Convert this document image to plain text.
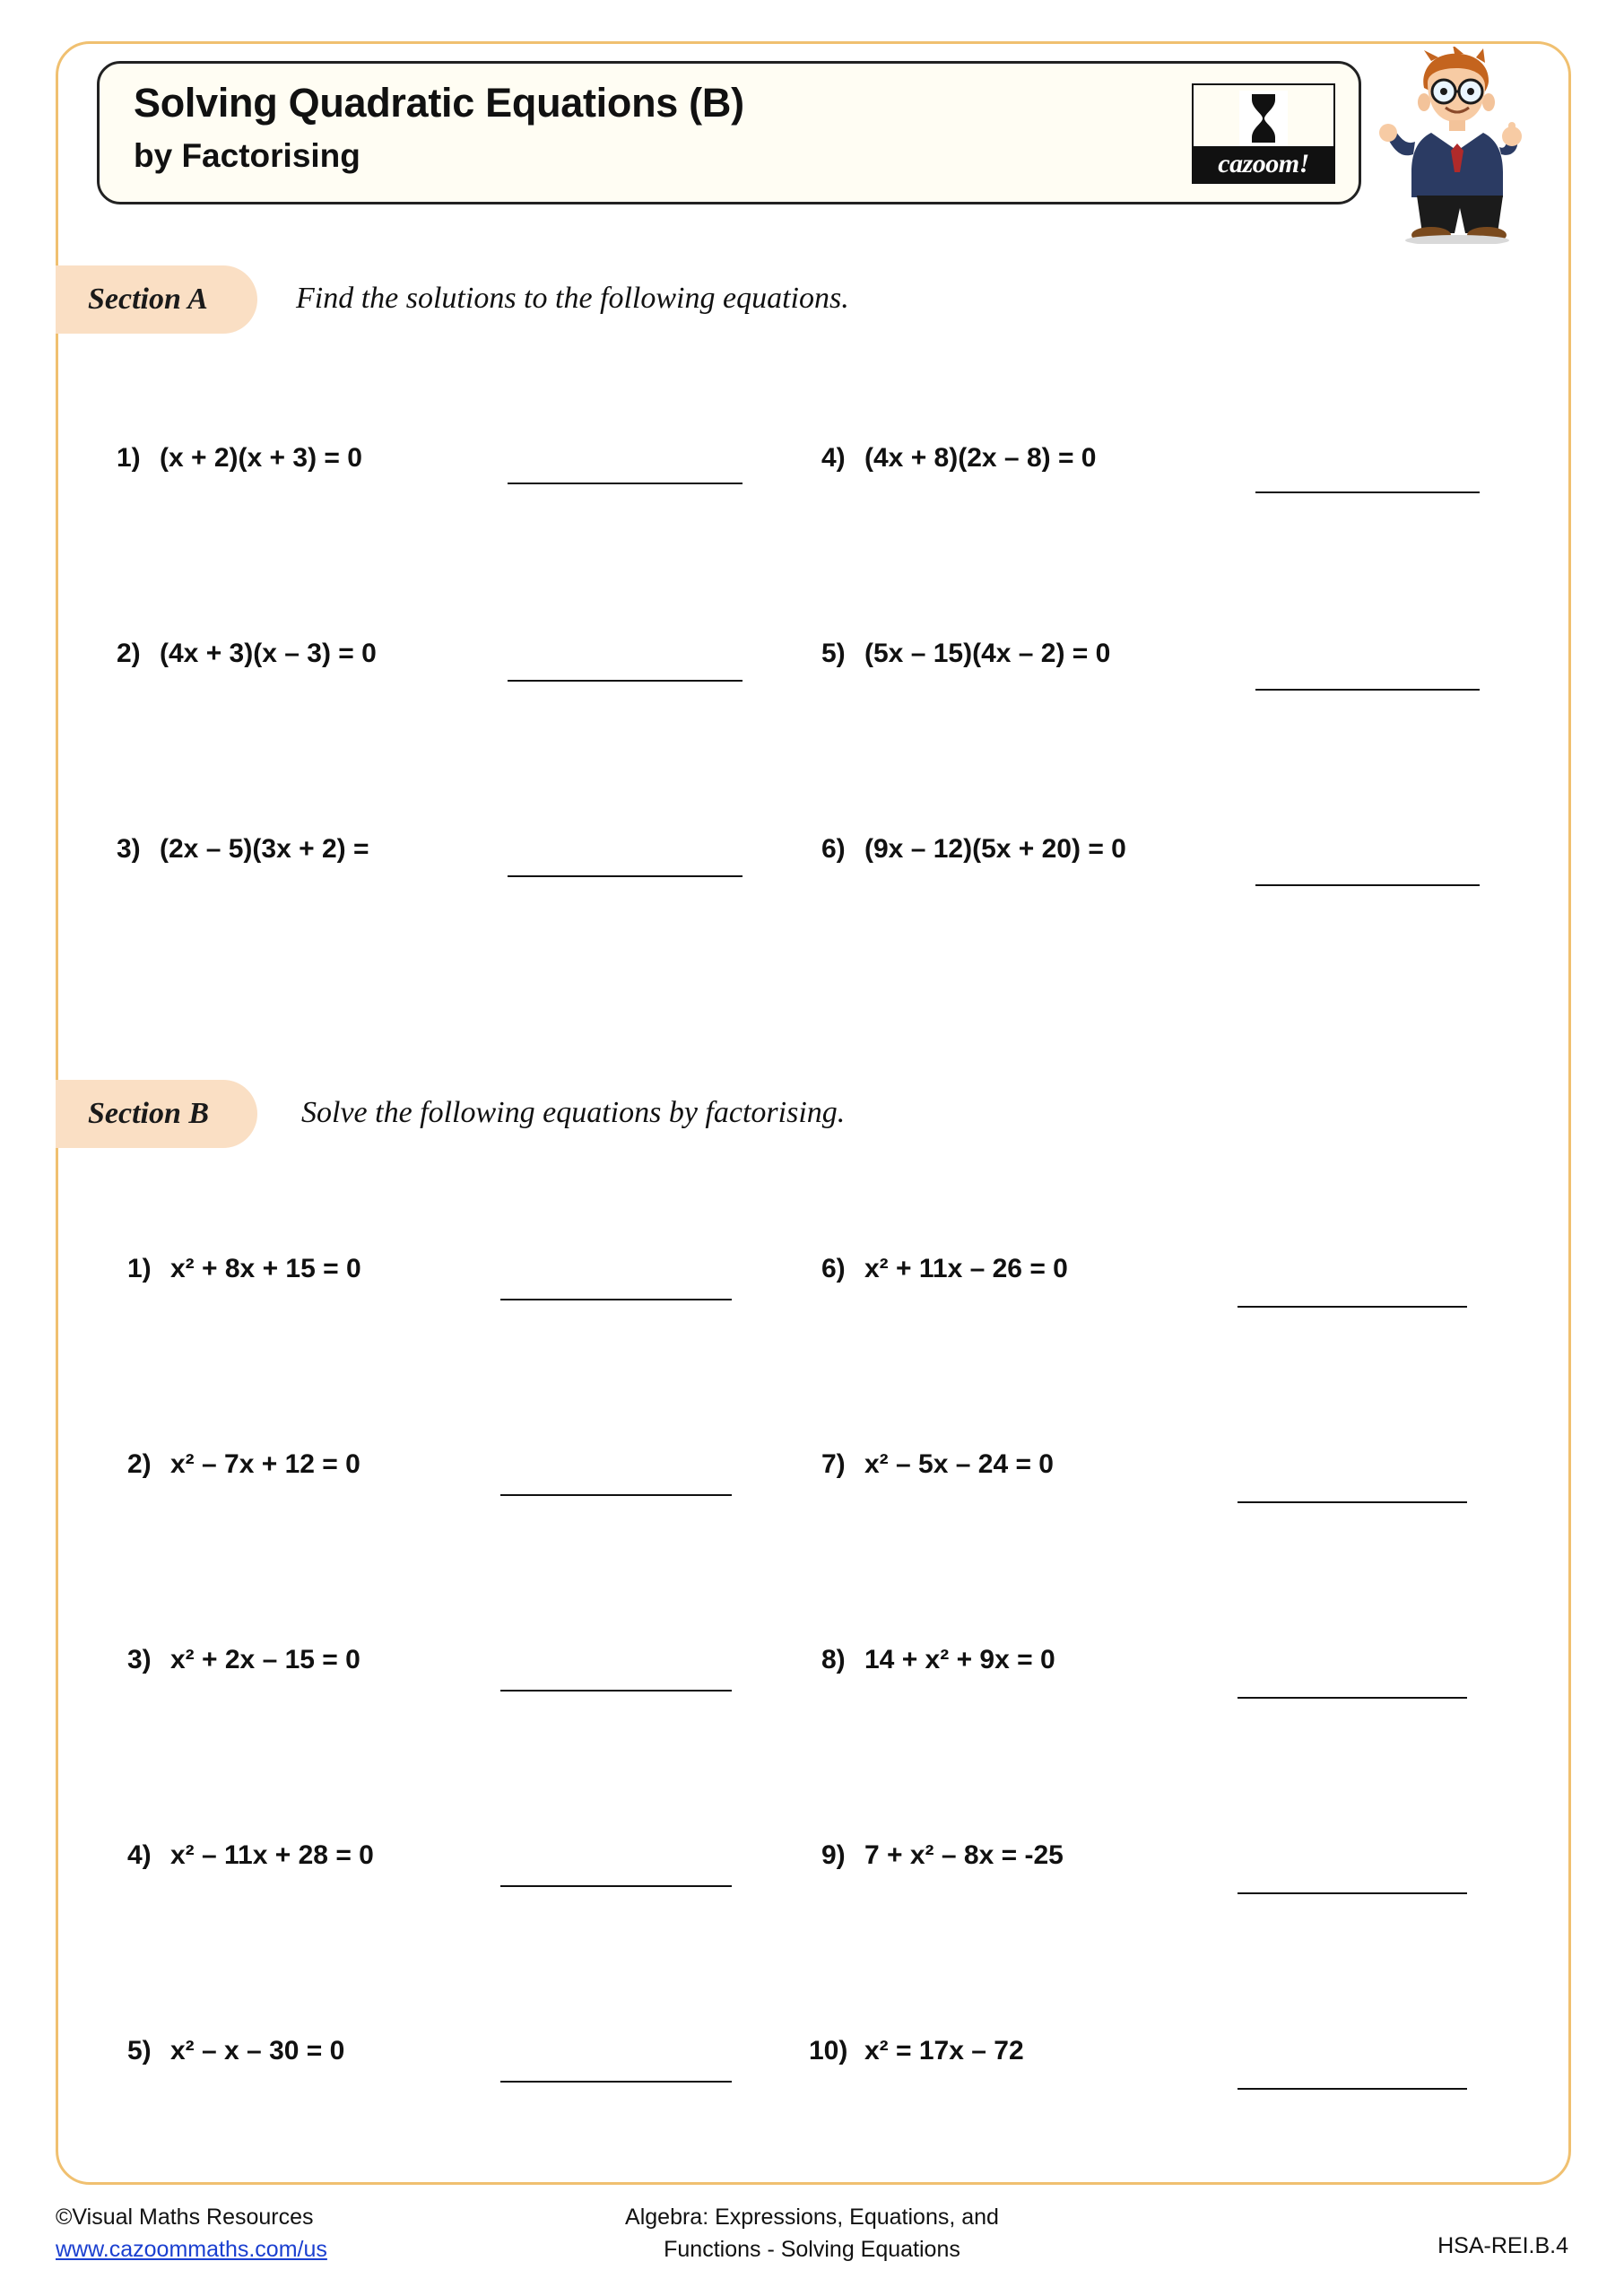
Solving Quadratic Equations (B)
by Factorising	cazoom!
Section A	Find the solutions to the following equations.
1) (x + 2)(x + 3) = 0
2) (4x + 3)(x – 3) = 0
3) (2x – 5)(3x + 2) =
4) (4x + 8)(2x – 8) = 0
5) (5x – 15)(4x – 2) = 0
6) (9x – 12)(5x + 20) = 0
Section B	Solve the following equations by factorising.
1) x² + 8x + 15 = 0
2) x² – 7x + 12 = 0
3) x² + 2x – 15 = 0
4) x² – 11x + 28 = 0
5) x² – x – 30 = 0
6) x² + 11x – 26 = 0
7) x² – 5x – 24 = 0
8) 14 + x² + 9x = 0
9) 7 + x² – 8x = -25
10) x² = 17x – 72
©Visual Maths Resources
www.cazoommaths.com/us
Algebra: Expressions, Equations, and
Functions - Solving Equations	HSA-REI.B.4
